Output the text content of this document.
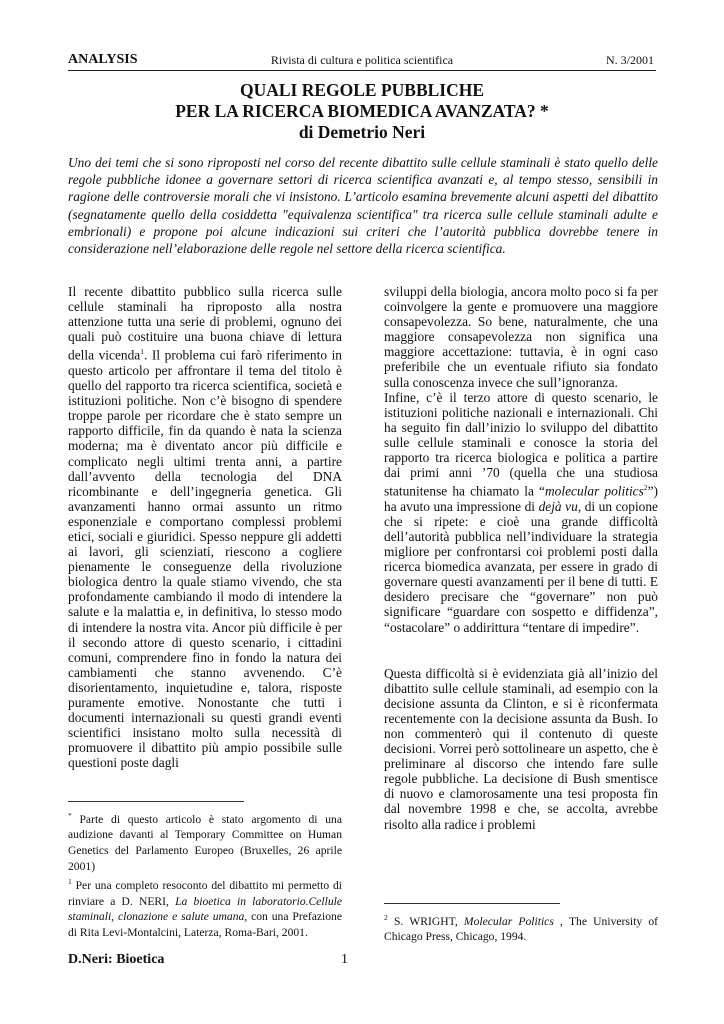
ANALYSIS	Rivista di cultura e politica scientifica	N. 3/2001
QUALI REGOLE PUBBLICHE
PER LA RICERCA BIOMEDICA AVANZATA? *
di Demetrio Neri
Uno dei temi che si sono riproposti nel corso del recente dibattito sulle cellule staminali è stato quello delle regole pubbliche idonee a governare settori di ricerca scientifica avanzati e, al tempo stesso, sensibili in ragione delle controversie morali che vi insistono. L’articolo esamina brevemente alcuni aspetti del dibattito (segnatamente quello della cosiddetta "equivalenza scientifica" tra ricerca sulle cellule staminali adulte e embrionali) e propone poi alcune indicazioni sui criteri che l’autorità pubblica dovrebbe tenere in considerazione nell’elaborazione delle regole nel settore della ricerca scientifica.

Il recente dibattito pubblico sulla ricerca sulle cellule staminali ha riproposto alla nostra attenzione tutta una serie di problemi, ognuno dei quali può costituire una buona chiave di lettura della vicenda$^1$. Il problema cui farò riferimento in questo articolo per affrontare il tema del titolo è quello del rapporto tra ricerca scientifica, società e istituzioni politiche. Non c’è bisogno di spendere troppe parole per ricordare che è stato sempre un rapporto difficile, fin da quando è nata la scienza moderna; ma è diventato ancor più difficile e complicato negli ultimi trenta anni, a partire dall’avvento della tecnologia del DNA ricombinante e dell’ingegneria genetica. Gli avanzamenti hanno ormai assunto un ritmo esponenziale e comportano complessi problemi etici, sociali e giuridici. Spesso neppure gli addetti ai lavori, gli scienziati, riescono a cogliere pienamente le conseguenze della rivoluzione biologica dentro la quale stiamo vivendo, che sta profondamente cambiando il modo di intendere la salute e la malattia e, in definitiva, lo stesso modo di intendere la nostra vita. Ancor più difficile è per il secondo attore di questo scenario, i cittadini comuni, comprendere fino in fondo la natura dei cambiamenti che stanno avvenendo. C’è disorientamento, inquietudine e, talora, risposte puramente emotive. Nonostante che tutti i documenti internazionali su questi grandi eventi scientifici insistano molto sulla necessità di promuovere il dibattito più ampio possibile sulle questioni poste dagli

sviluppi della biologia, ancora molto poco si fa per coinvolgere la gente e promuovere una maggiore consapevolezza. So bene, naturalmente, che una maggiore consapevolezza non significa una maggiore accettazione: tuttavia, è in ogni caso preferibile che un eventuale rifiuto sia fondato sulla conoscenza invece che sull’ignoranza.

Infine, c’è il terzo attore di questo scenario, le istituzioni politiche nazionali e internazionali. Chi ha seguito fin dall’inizio lo sviluppo del dibattito sulle cellule staminali e conosce la storia del rapporto tra ricerca biologica e politica a partire dai primi anni ’70 (quella che una studiosa statunitense ha chiamato la “molecular politics$^2$”) ha avuto una impressione di dejà vu, di un copione che si ripete: e cioè una grande difficoltà dell’autorità pubblica nell’individuare la strategia migliore per confrontarsi coi problemi posti dalla ricerca biomedica avanzata, per essere in grado di governare questi avanzamenti per il bene di tutti. E desidero precisare che “governare” non può significare “guardare con sospetto e diffidenza”, “ostacolare” o addirittura “tentare di impedire”.

Questa difficoltà si è evidenziata già all’inizio del dibattito sulle cellule staminali, ad esempio con la decisione assunta da Clinton, e si è riconfermata recentemente con la decisione assunta da Bush. Io non commenterò qui il contenuto di queste decisioni. Vorrei però sottolineare un aspetto, che è preliminare al discorso che intendo fare sulle regole pubbliche. La decisione di Bush smentisce di nuovo e clamorosamente una tesi proposta fin dal novembre 1998 e che, se accolta, avrebbe risolto alla radice i problemi

* Parte di questo articolo è stato argomento di una audizione davanti al Temporary Committee on Human Genetics del Parlamento Europeo (Bruxelles, 26 aprile 2001)

$^1$ Per una completo resoconto del dibattito mi permetto di rinviare a D. NERI, La bioetica in laboratorio.Cellule staminali, clonazione e salute umana, con una Prefazione di Rita Levi-Montalcini, Laterza, Roma-Bari, 2001.

$^2$ S. WRIGHT, Molecular Politics , The University of Chicago Press, Chicago, 1994.

D.Neri: Bioetica	1
